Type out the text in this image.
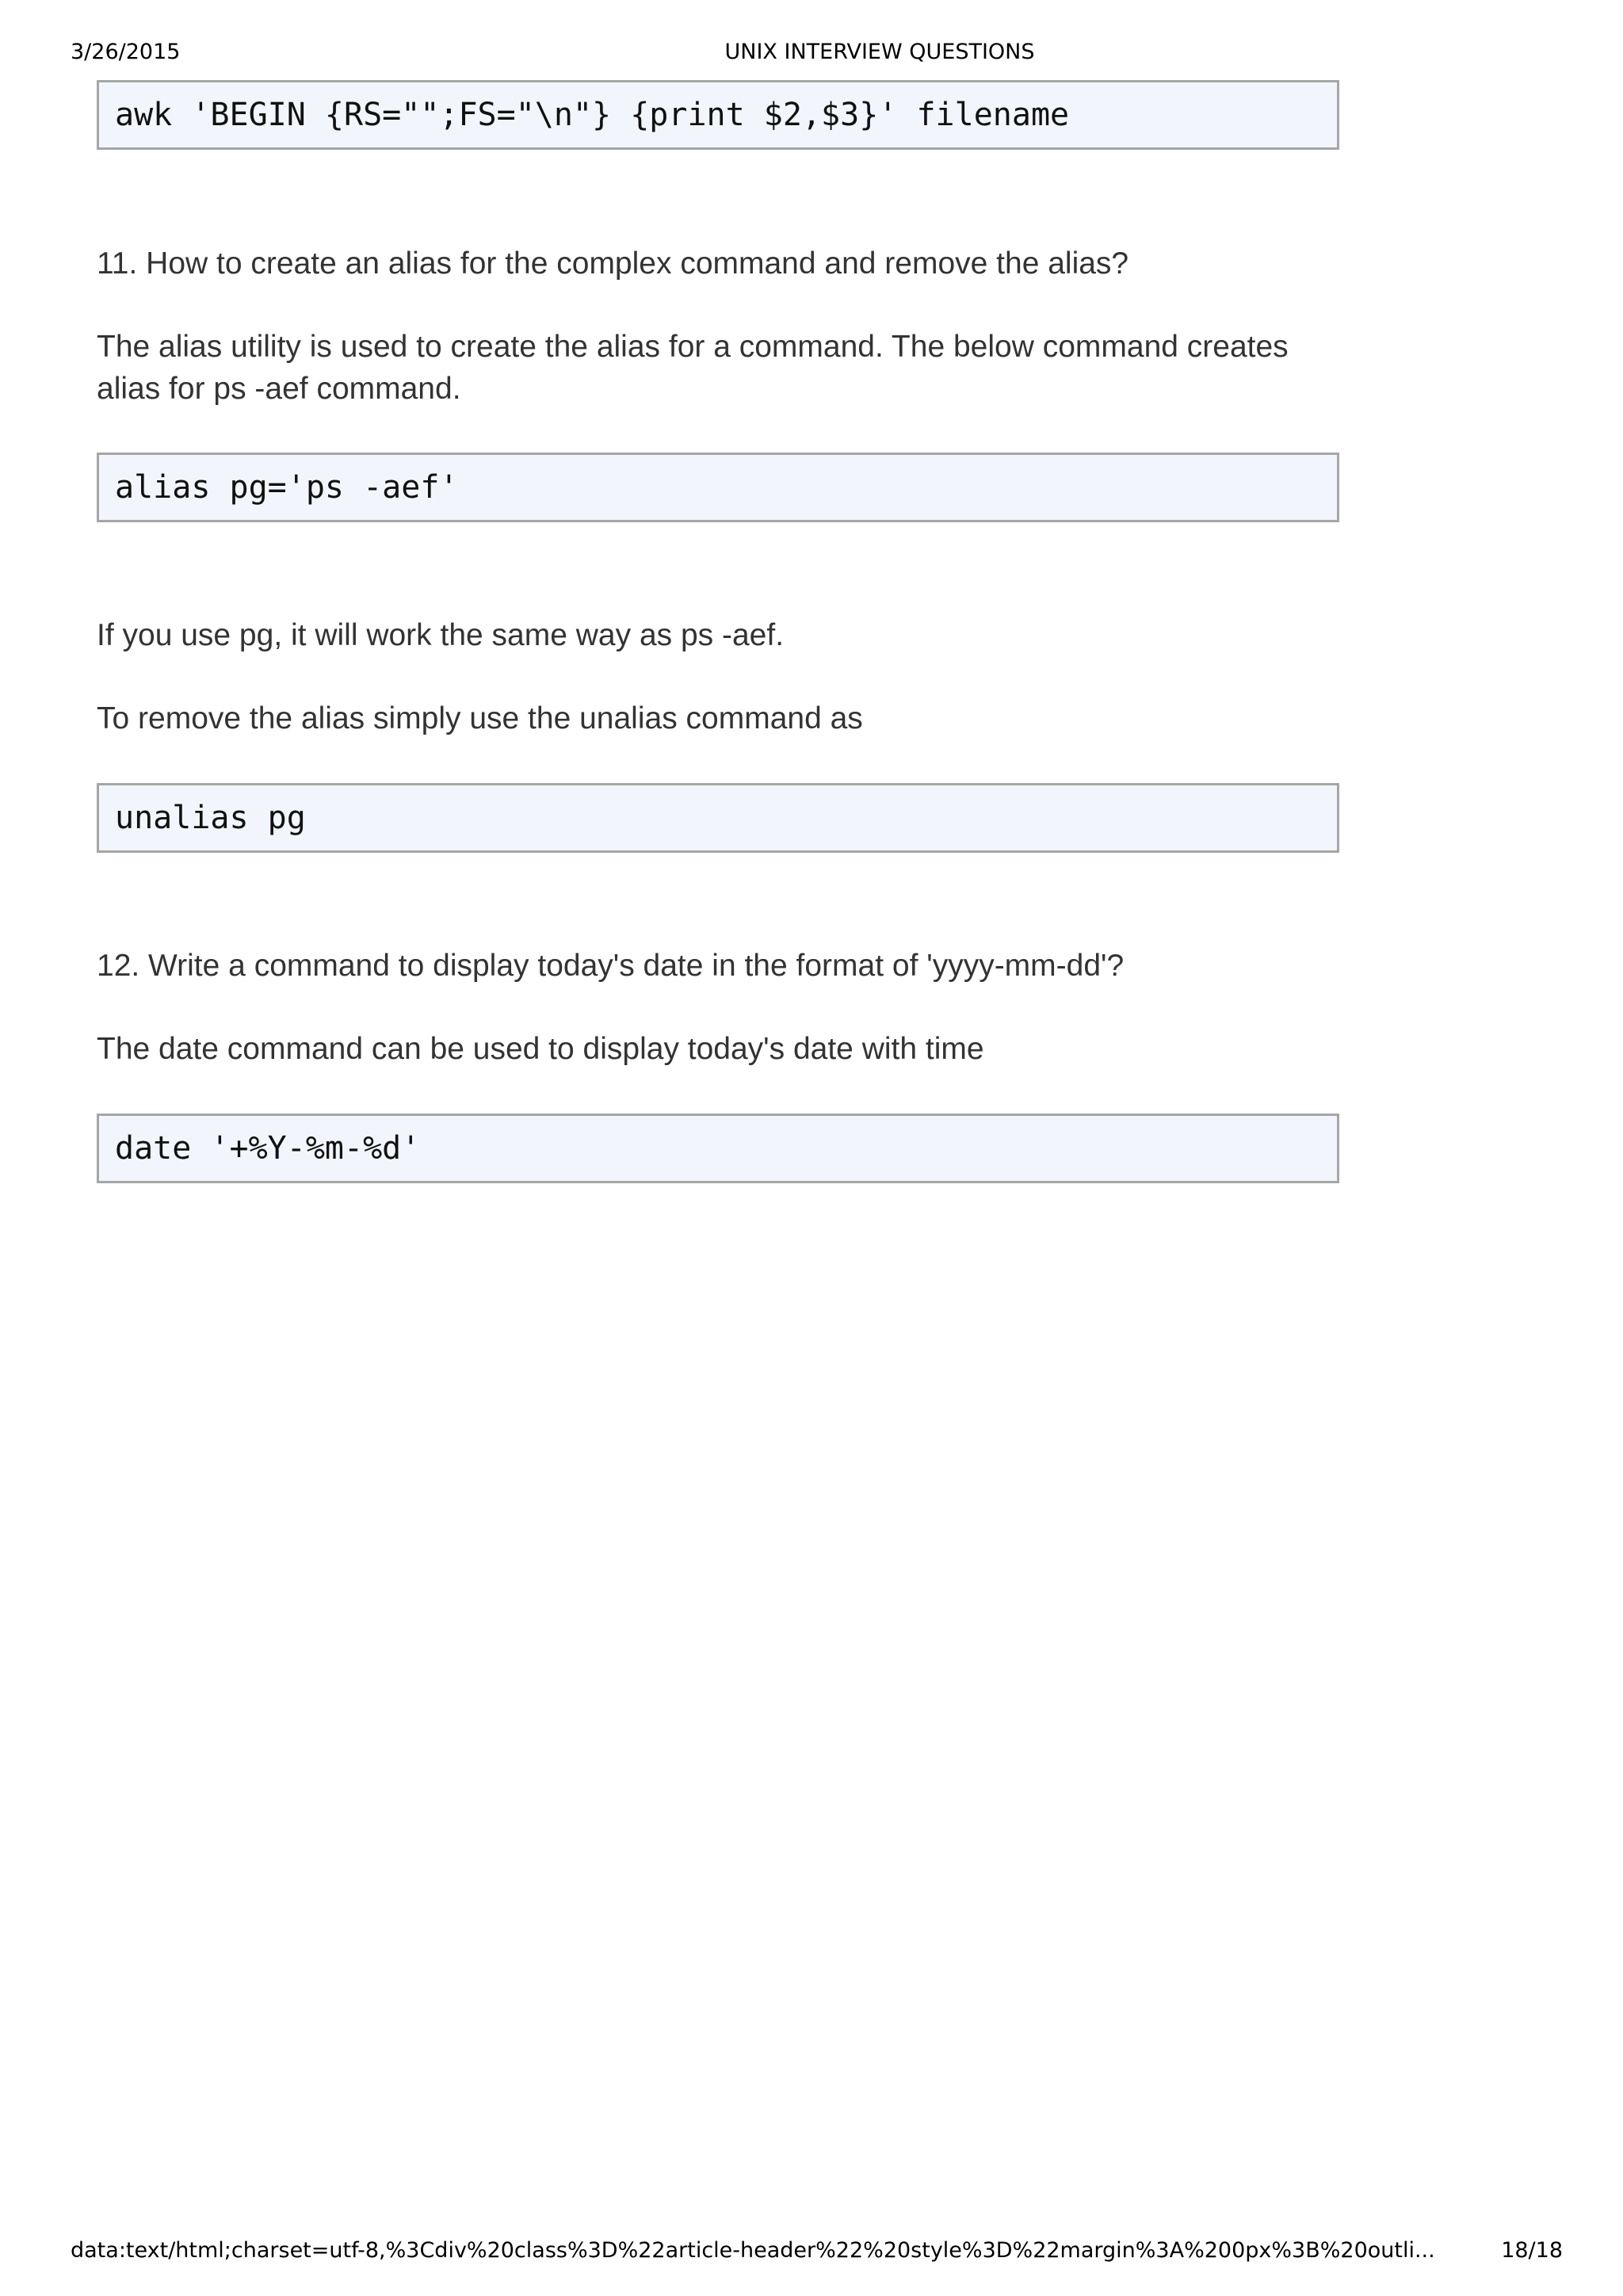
3/26/2015	UNIX INTERVIEW QUESTIONS
awk 'BEGIN {RS="";FS="\n"} {print $2,$3}' filename
11. How to create an alias for the complex command and remove the alias?
The alias utility is used to create the alias for a command. The below command creates
alias for ps -aef command.
alias pg='ps -aef'
If you use pg, it will work the same way as ps -aef.
To remove the alias simply use the unalias command as
unalias pg
12. Write a command to display today's date in the format of 'yyyy-mm-dd'?
The date command can be used to display today's date with time
date '+%Y-%m-%d'
data:text/html;charset=utf-8,%3Cdiv%20class%3D%22article-header%22%20style%3D%22margin%3A%200px%3B%20outli...	18/18
